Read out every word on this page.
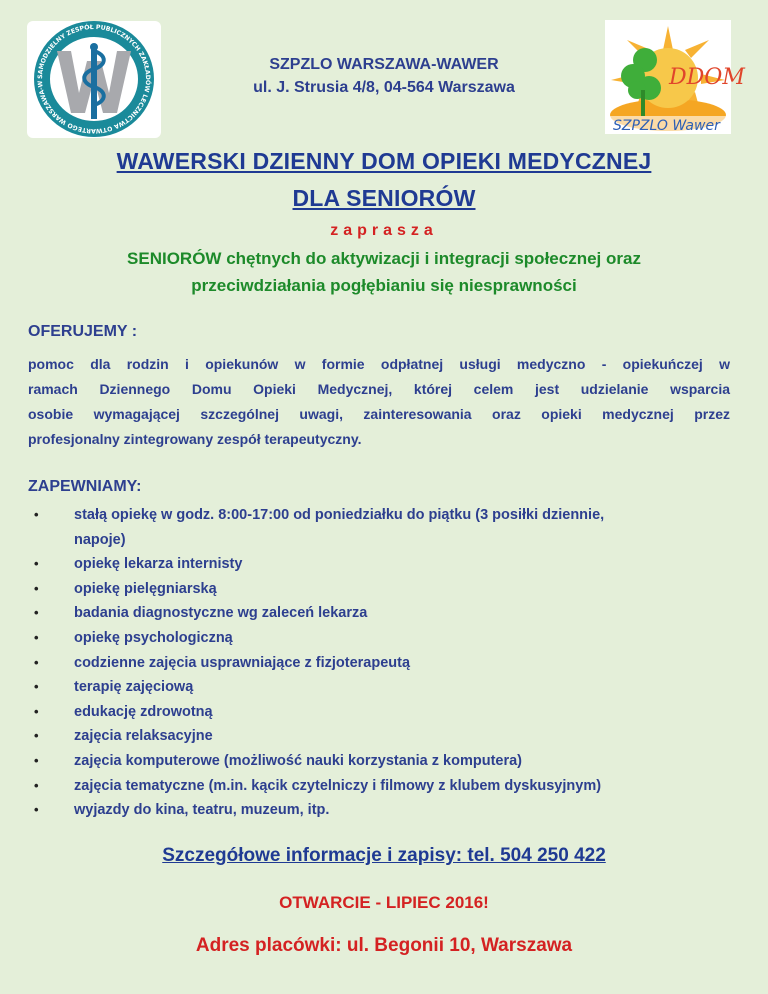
SAMODZIELNY ZESPÓŁ PUBLICZNYCH ZAKŁADÓW LECZNICTWA OTWARTEGO WARSZAWA-W
SZPZLO WARSZAWA-WAWER
ul. J. Strusia 4/8, 04-564 Warszawa	DDOM
SZPZLO Wawer
WAWERSKI DZIENNY DOM OPIEKI MEDYCZNEJ
DLA SENIORÓW
zaprasza
SENIORÓW chętnych do aktywizacji i integracji społecznej oraz
przeciwdziałania pogłębianiu się niesprawności
OFERUJEMY :
pomoc dla rodzin i opiekunów w formie odpłatnej usługi medyczno - opiekuńczej w
ramach Dziennego Domu Opieki Medycznej, której celem jest udzielanie wsparcia
osobie wymagającej szczególnej uwagi, zainteresowania oraz opieki medycznej przez
profesjonalny zintegrowany zespół terapeutyczny.
ZAPEWNIAMY:
• stałą opiekę w godz. 8:00-17:00 od poniedziałku do piątku (3 posiłki dziennie,
napoje)
• opiekę lekarza internisty
• opiekę pielęgniarską
• badania diagnostyczne wg zaleceń lekarza
• opiekę psychologiczną
• codzienne zajęcia usprawniające z fizjoterapeutą
• terapię zajęciową
• edukację zdrowotną
• zajęcia relaksacyjne
• zajęcia komputerowe (możliwość nauki korzystania z komputera)
• zajęcia tematyczne (m.in. kącik czytelniczy i filmowy z klubem dyskusyjnym)
• wyjazdy do kina, teatru, muzeum, itp.
Szczegółowe informacje i zapisy: tel. 504 250 422
OTWARCIE - LIPIEC 2016!
Adres placówki: ul. Begonii 10, Warszawa
